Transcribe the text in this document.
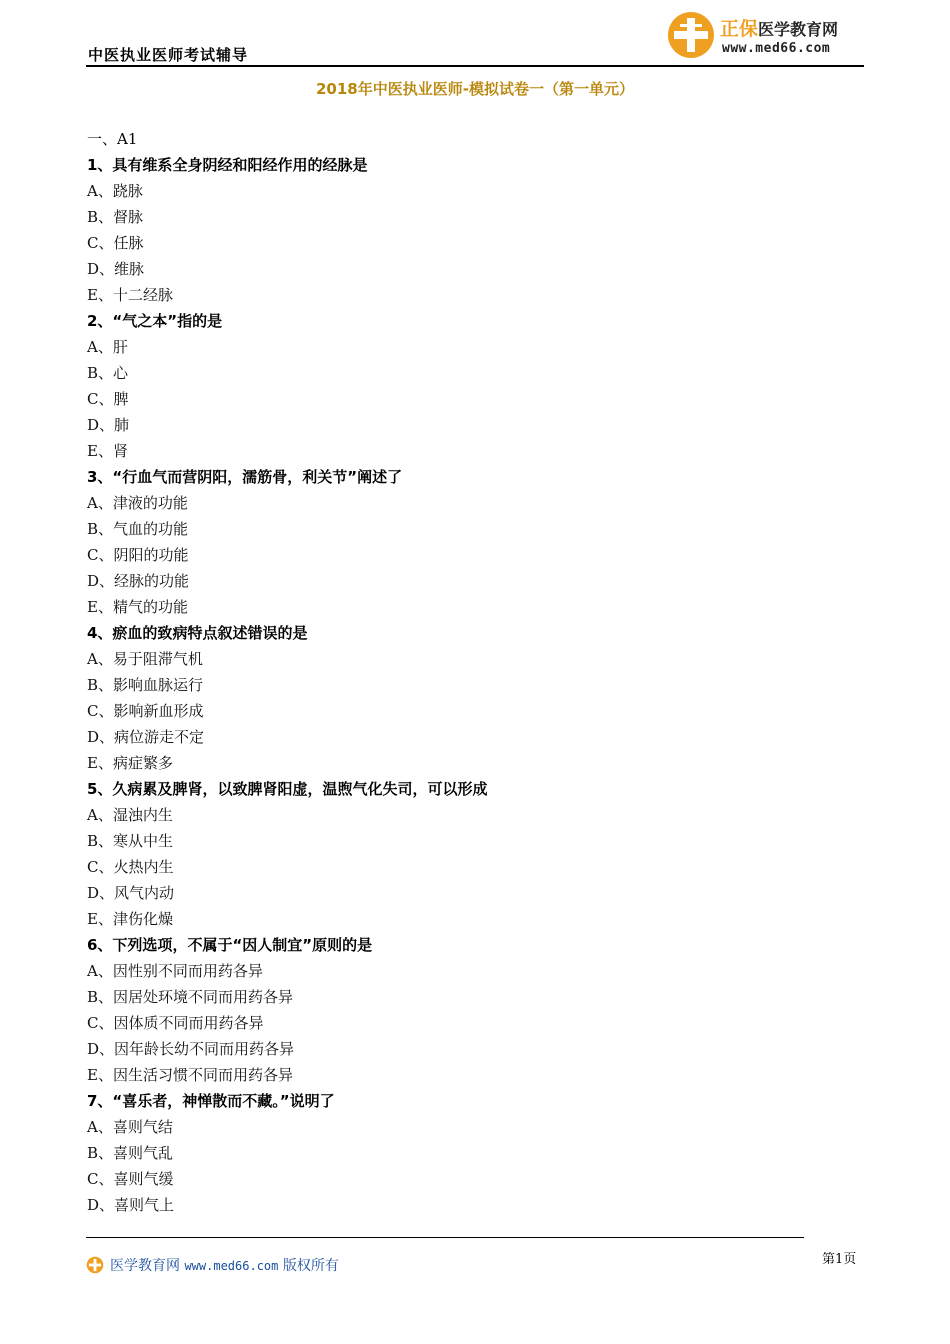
中医执业医师考试辅导
正保医学教育网
www.med66.com
2018年中医执业医师-模拟试卷一（第一单元）
一、A1
1、具有维系全身阴经和阳经作用的经脉是
A、跷脉
B、督脉
C、任脉
D、维脉
E、十二经脉
2、“气之本”指的是
A、肝
B、心
C、脾
D、肺
E、肾
3、“行血气而营阴阳，濡筋骨，利关节”阐述了
A、津液的功能
B、气血的功能
C、阴阳的功能
D、经脉的功能
E、精气的功能
4、瘀血的致病特点叙述错误的是
A、易于阻滞气机
B、影响血脉运行
C、影响新血形成
D、病位游走不定
E、病症繁多
5、久病累及脾肾，以致脾肾阳虚，温煦气化失司，可以形成
A、湿浊内生
B、寒从中生
C、火热内生
D、风气内动
E、津伤化燥
6、下列选项，不属于“因人制宜”原则的是
A、因性别不同而用药各异
B、因居处环境不同而用药各异
C、因体质不同而用药各异
D、因年龄长幼不同而用药各异
E、因生活习惯不同而用药各异
7、“喜乐者，神惮散而不藏。”说明了
A、喜则气结
B、喜则气乱
C、喜则气缓
D、喜则气上
医学教育网 www.med66.com 版权所有	第1页
